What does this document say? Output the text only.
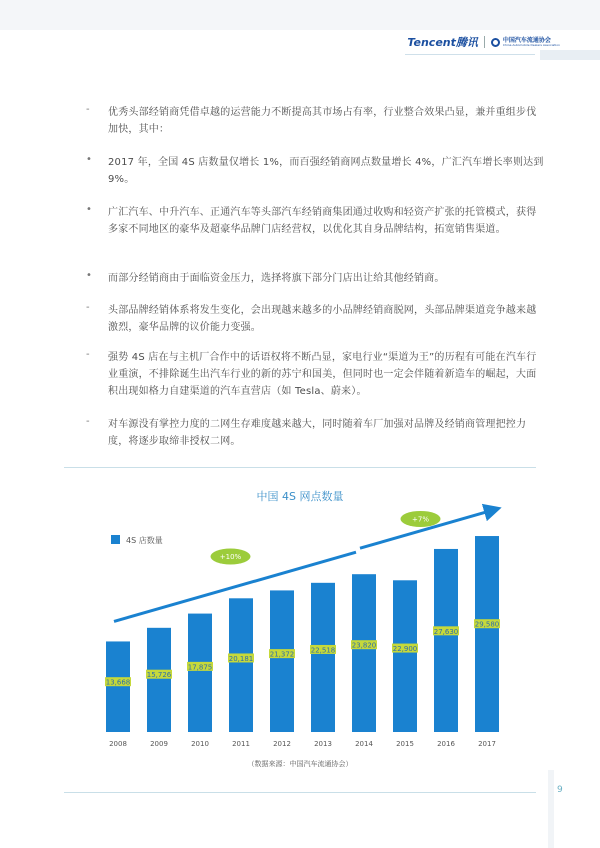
Tencent腾讯	中国汽车流通协会
China Automobile Dealers Association
- 优秀头部经销商凭借卓越的运营能力不断提高其市场占有率，行业整合效果凸显，兼并重组步伐加快，其中：
• 2017 年，全国 4S 店数量仅增长 1%，而百强经销商网点数量增长 4%，广汇汽车增长率则达到 9%。
• 广汇汽车、中升汽车、正通汽车等头部汽车经销商集团通过收购和轻资产扩张的托管模式，获得多家不同地区的豪华及超豪华品牌门店经营权，以优化其自身品牌结构，拓宽销售渠道。
• 而部分经销商由于面临资金压力，选择将旗下部分门店出让给其他经销商。
- 头部品牌经销体系将发生变化，会出现越来越多的小品牌经销商脱网，头部品牌渠道竞争越来越激烈，豪华品牌的议价能力变强。
- 强势 4S 店在与主机厂合作中的话语权将不断凸显，家电行业“渠道为王”的历程有可能在汽车行业重演，不排除诞生出汽车行业的新的苏宁和国美，但同时也一定会伴随着新造车的崛起，大面积出现如格力自建渠道的汽车直营店（如 Tesla、蔚来）。
- 对车源没有掌控力度的二网生存难度越来越大，同时随着车厂加强对品牌及经销商管理把控力度，将逐步取缔非授权二网。
中国 4S 网点数量
4S 店数量
13,668
15,726
17,875
20,181
21,372
22,518
23,820 22,900
27,630
29,580
2008	2009	2010	2011	2012	2013	2014	2015	2016	2017
+10%
+7%
（数据来源：中国汽车流通协会）
9
